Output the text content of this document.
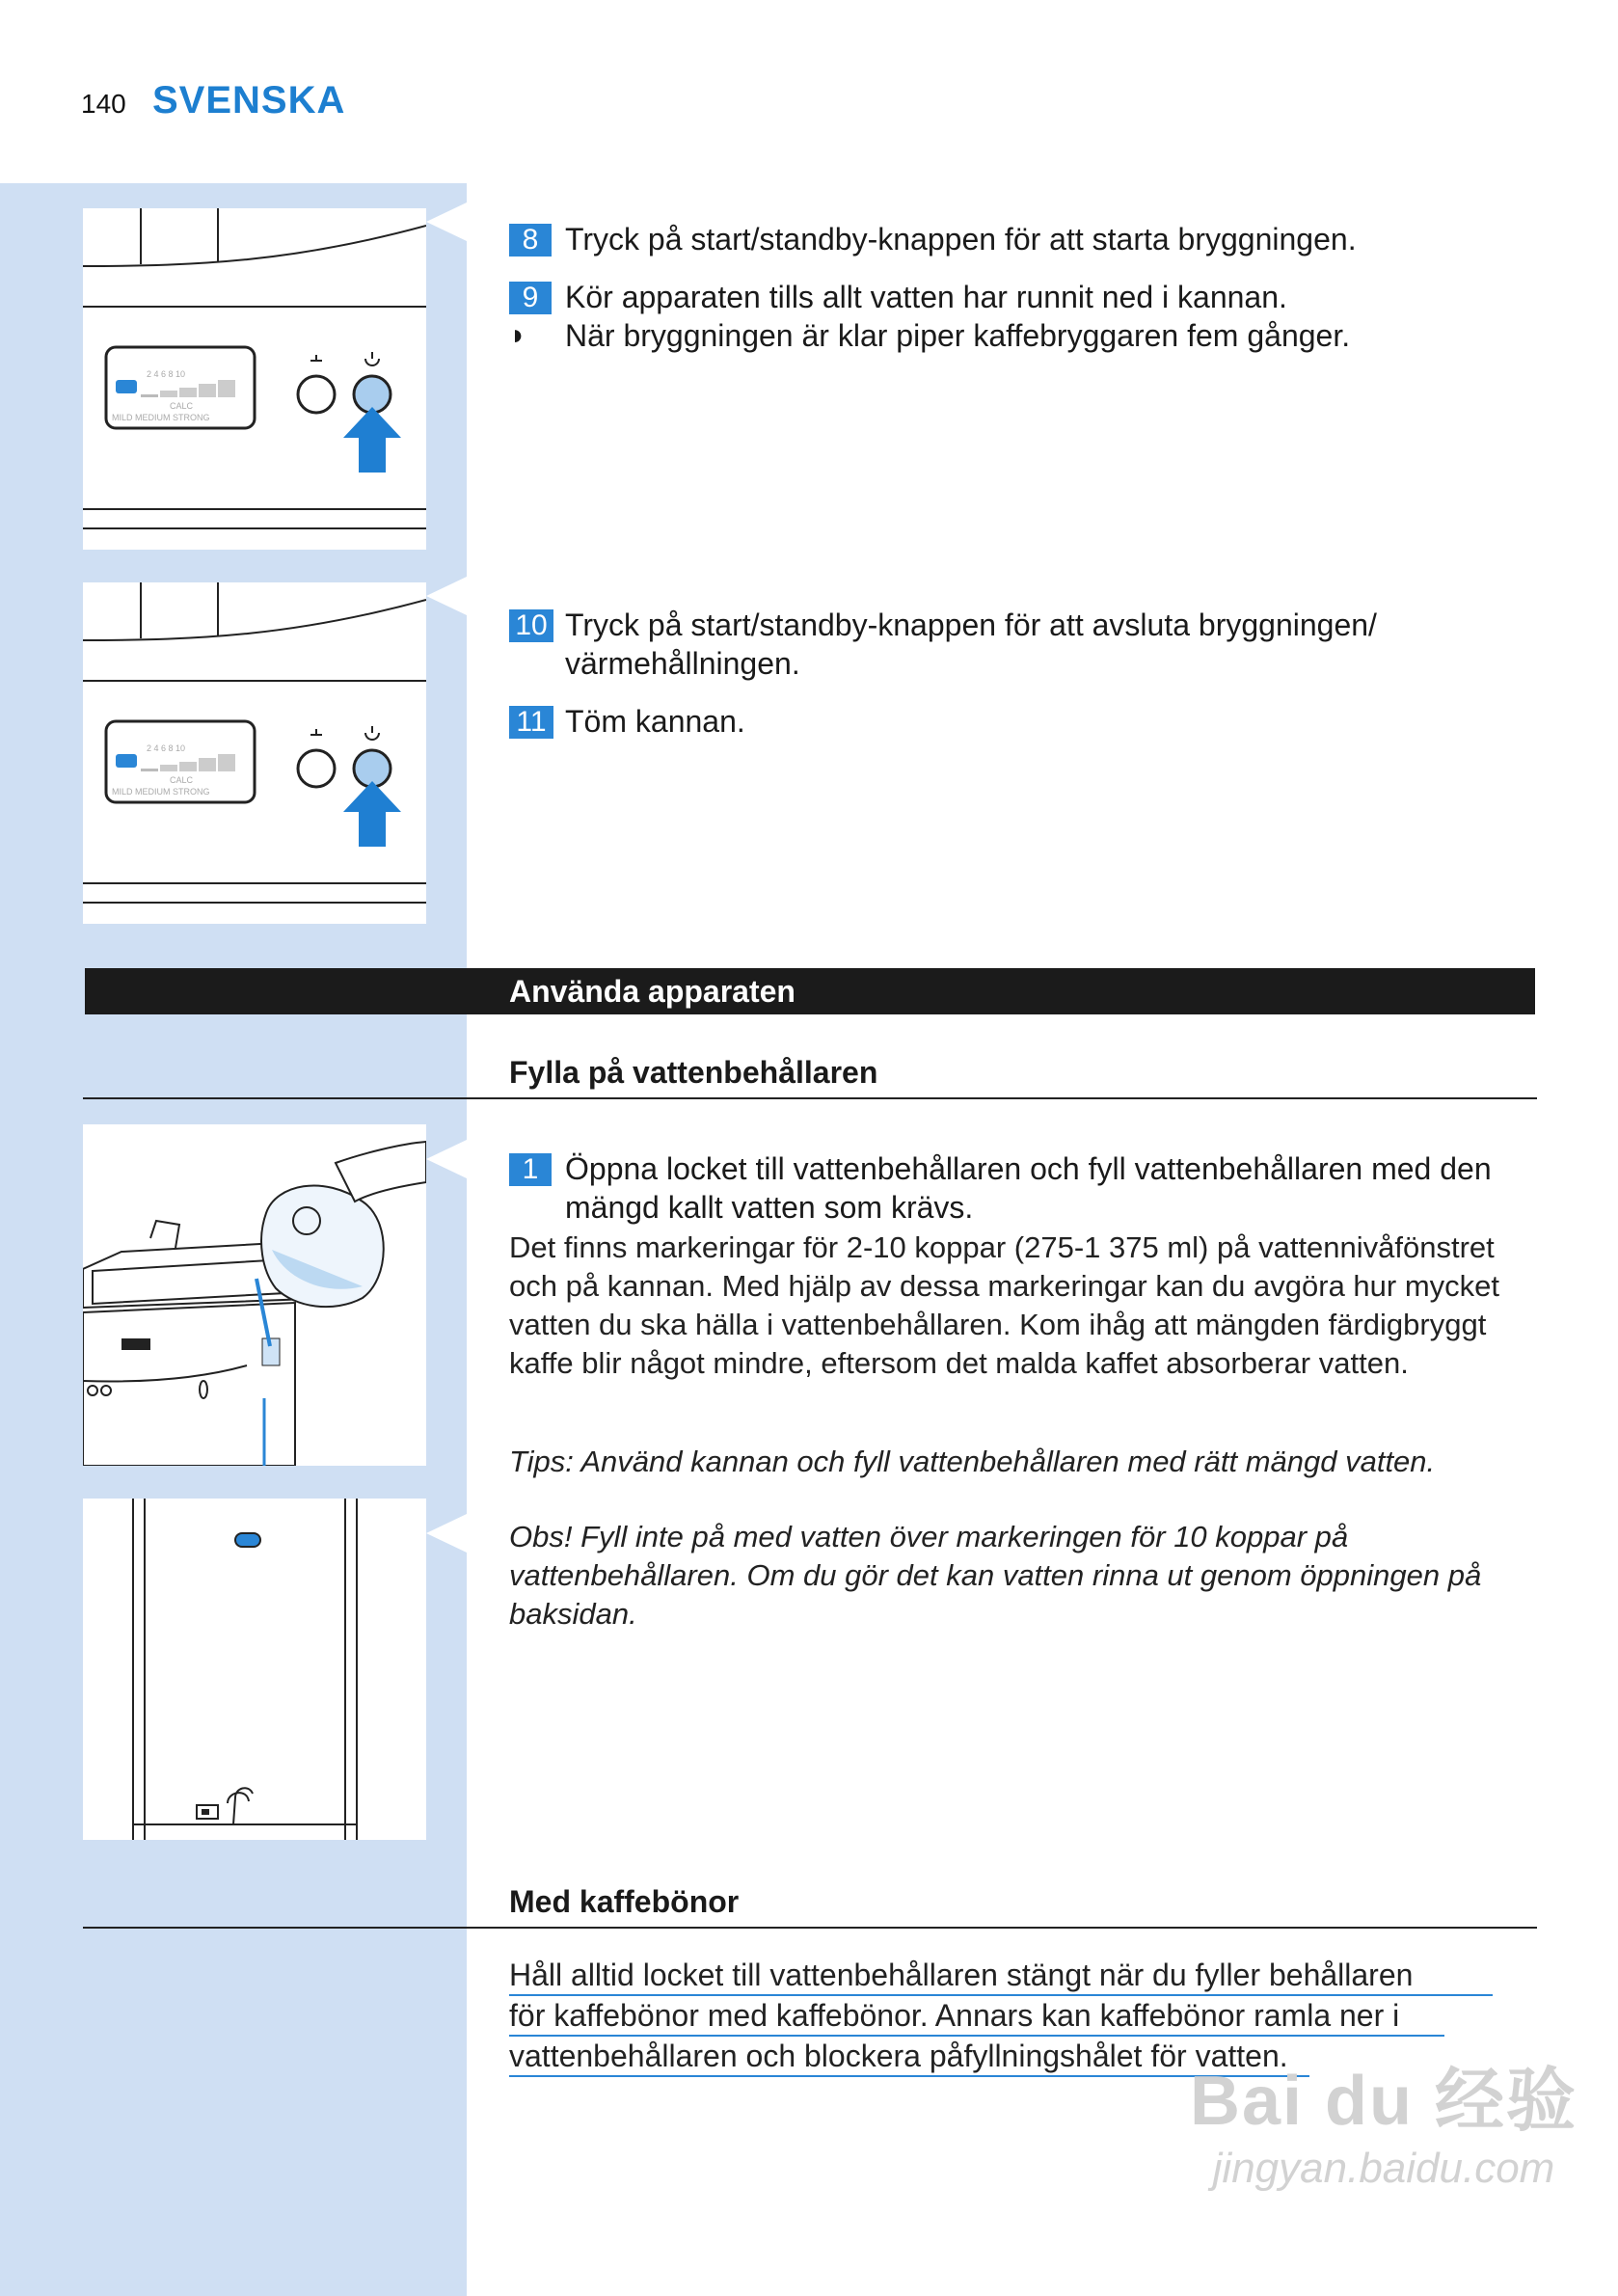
140 SVENSKA
2 4 6 8 10
CALC
MILD MEDIUM STRONG
2 4 6 8 10
CALC
MILD MEDIUM STRONG
8 Tryck på start/standby-knappen för att starta bryggningen.
9 Kör apparaten tills allt vatten har runnit ned i kannan.
◗ När bryggningen är klar piper kaffebryggaren fem gånger.
10 Tryck på start/standby-knappen för att avsluta bryggningen/ värmehållningen.
11 Töm kannan.
Använda apparaten
Fylla på vattenbehållaren
1 Öppna locket till vattenbehållaren och fyll vattenbehållaren med den mängd kallt vatten som krävs.
Det finns markeringar för 2-10 koppar (275-1 375 ml) på vattennivåfönstret och på kannan. Med hjälp av dessa markeringar kan du avgöra hur mycket vatten du ska hälla i vattenbehållaren. Kom ihåg att mängden färdigbryggt kaffe blir något mindre, eftersom det malda kaffet absorberar vatten.
Tips: Använd kannan och fyll vattenbehållaren med rätt mängd vatten.
Obs! Fyll inte på med vatten över markeringen för 10 koppar på vattenbehållaren. Om du gör det kan vatten rinna ut genom öppningen på baksidan.
Med kaffebönor
Håll alltid locket till vattenbehållaren stängt när du fyller behållaren
för kaffebönor med kaffebönor. Annars kan kaffebönor ramla ner i
vattenbehållaren och blockera påfyllningshålet för vatten.
Bai du 经验
jingyan.baidu.com
